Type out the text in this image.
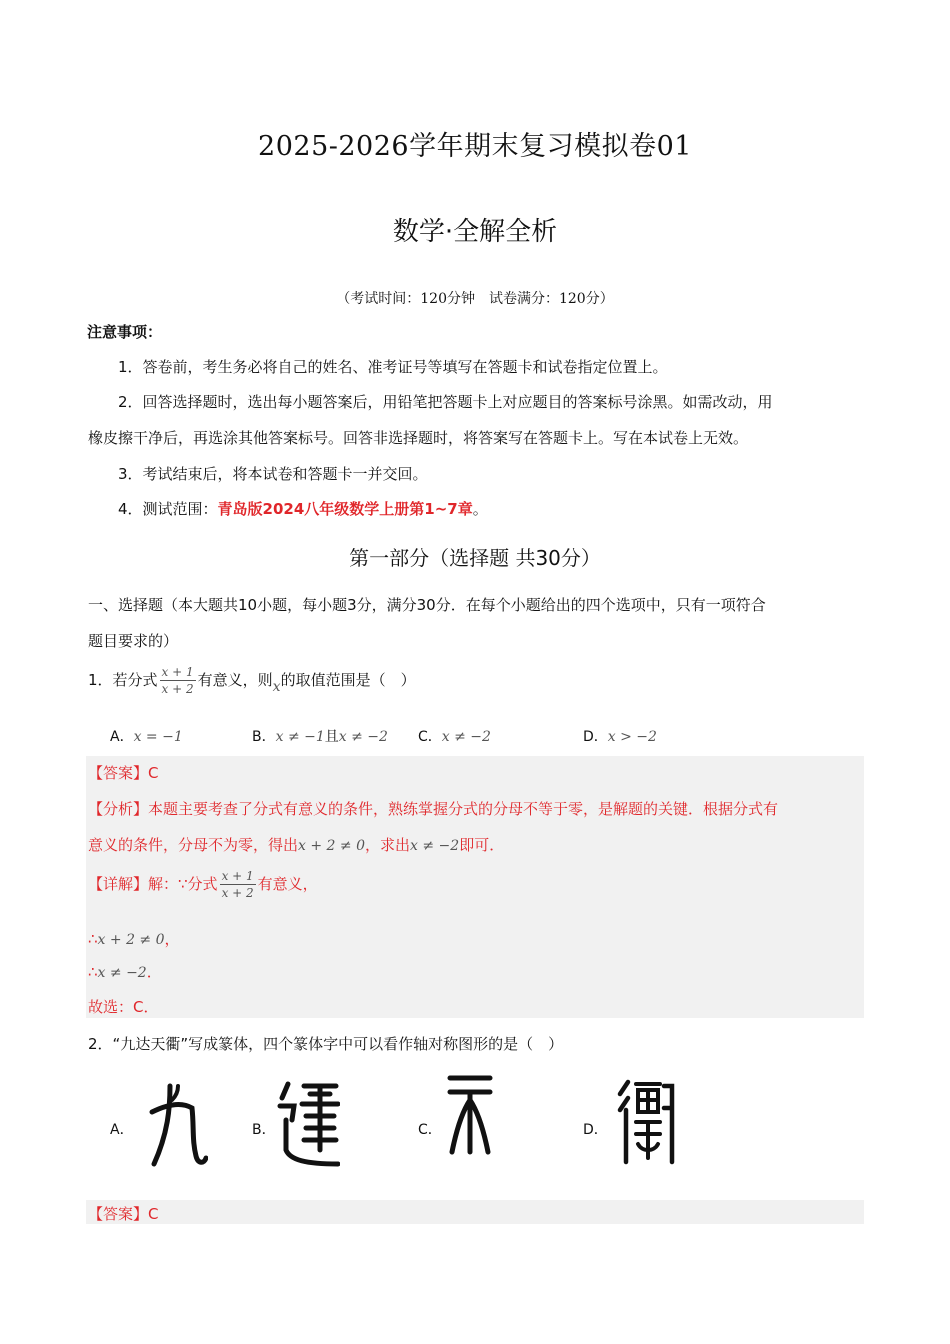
2025-2026学年期末复习模拟卷01
数学·全解全析
（考试时间：120分钟　试卷满分：120分）
注意事项：
1．答卷前，考生务必将自己的姓名、准考证号等填写在答题卡和试卷指定位置上。
2．回答选择题时，选出每小题答案后，用铅笔把答题卡上对应题目的答案标号涂黑。如需改动，用
橡皮擦干净后，再选涂其他答案标号。回答非选择题时，将答案写在答题卡上。写在本试卷上无效。
3．考试结束后，将本试卷和答题卡一并交回。
4．测试范围：青岛版2024八年级数学上册第1~7章。
第一部分（选择题 共30分）
一、选择题（本大题共10小题，每小题3分，满分30分．在每个小题给出的四个选项中，只有一项符合
题目要求的）
1．若分式 $\frac{x + 1}{x + 2}$ 有意义，则x的取值范围是（　）
A．x = −1	B．x ≠ −1且x ≠ −2 C．x ≠ −2	D．x > −2
【答案】C
【分析】本题主要考查了分式有意义的条件，熟练掌握分式的分母不等于零，是解题的关键．根据分式有
意义的条件，分母不为零，得出x + 2 ≠ 0，求出x ≠ −2即可．
【详解】解：∵分式 $\frac{x + 1}{x + 2}$ 有意义，
∴x + 2 ≠ 0，
∴x ≠ −2．
故选：C．
2．“九达天衢”写成篆体，四个篆体字中可以看作轴对称图形的是（　）
A．	B．	C．	D．
【答案】C
